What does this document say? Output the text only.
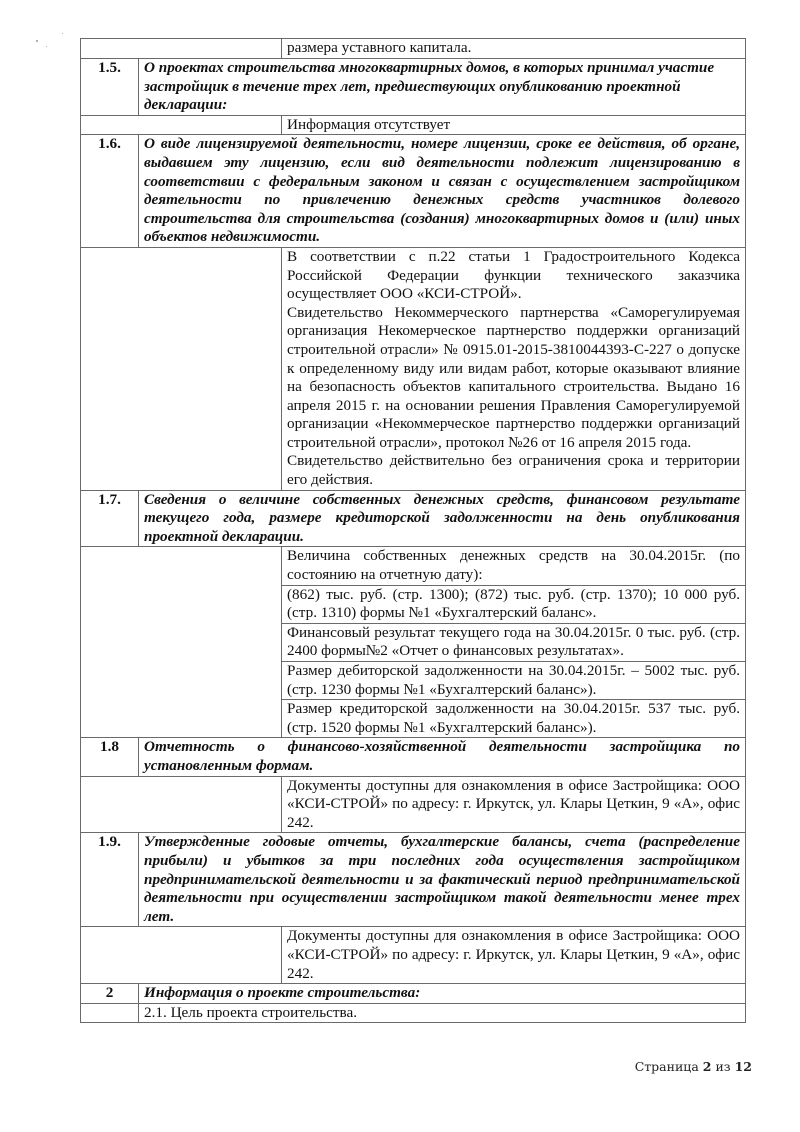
		размера уставного капитала.
1.5.	О проектах строительства многоквартирных домов, в которых принимал участие застройщик в течение трех лет, предшествующих опубликованию проектной декларации:	
		Информация отсутствует
1.6.	О виде лицензируемой деятельности, номере лицензии, сроке ее действия, об органе, выдавшем эту лицензию, если вид деятельности подлежит лицензированию в соответствии с федеральным законом и связан с осуществлением застройщиком деятельности по привлечению денежных средств участников долевого строительства для строительства (создания) многоквартирных домов и (или) иных объектов недвижимости.	

		В соответствии с п.22 статьи 1 Градостроительного Кодекса Российской Федерации функции технического заказчика осуществляет ООО «КСИ-СТРОЙ».
Свидетельство Некоммерческого партнерства «Саморегулируемая организация Некомерческое партнерство поддержки организаций строительной отрасли» № 0915.01-2015-3810044393-С-227 о допуске к определенному виду или видам работ, которые оказывают влияние на безопасность объектов капитального строительства. Выдано 16 апреля 2015 г. на основании решения Правления Саморегулируемой организации «Некоммерческое партнерство поддержки организаций строительной отрасли», протокол №26 от 16 апреля 2015 года.
Свидетельство действительно без ограничения срока и территории его действия.

1.7.	Сведения о величине собственных денежных средств, финансовом результате текущего года, размере кредиторской задолженности на день опубликования проектной декларации.	
		Величина собственных денежных средств на 30.04.2015г. (по состоянию на отчетную дату):
		(862) тыс. руб. (стр. 1300); (872) тыс. руб. (стр. 1370); 10 000 руб. (стр. 1310) формы №1 «Бухгалтерский баланс».
		Финансовый результат текущего года на 30.04.2015г. 0 тыс. руб. (стр. 2400 формы№2 «Отчет о финансовых результатах».
		Размер дебиторской задолженности на 30.04.2015г. – 5002 тыс. руб. (стр. 1230 формы №1 «Бухгалтерский баланс»).
		Размер кредиторской задолженности на 30.04.2015г. 537 тыс. руб. (стр. 1520 формы №1 «Бухгалтерский баланс»).
1.8	Отчетность о финансово-хозяйственной деятельности застройщика по установленным формам.	
		Документы доступны для ознакомления в офисе Застройщика: ООО «КСИ-СТРОЙ» по адресу: г. Иркутск, ул. Клары Цеткин, 9 «А», офис 242.
1.9.	Утвержденные годовые отчеты, бухгалтерские балансы, счета (распределение прибыли) и убытков за три последних года осуществления застройщиком предпринимательской деятельности и за фактический период предпринимательской деятельности при осуществлении застройщиком такой деятельности менее трех лет.	
		Документы доступны для ознакомления в офисе Застройщика: ООО «КСИ-СТРОЙ» по адресу: г. Иркутск, ул. Клары Цеткин, 9 «А», офис 242.
2	Информация о проекте строительства:	
	2.1. Цель проекта строительства.	
Страница 2 из 12
